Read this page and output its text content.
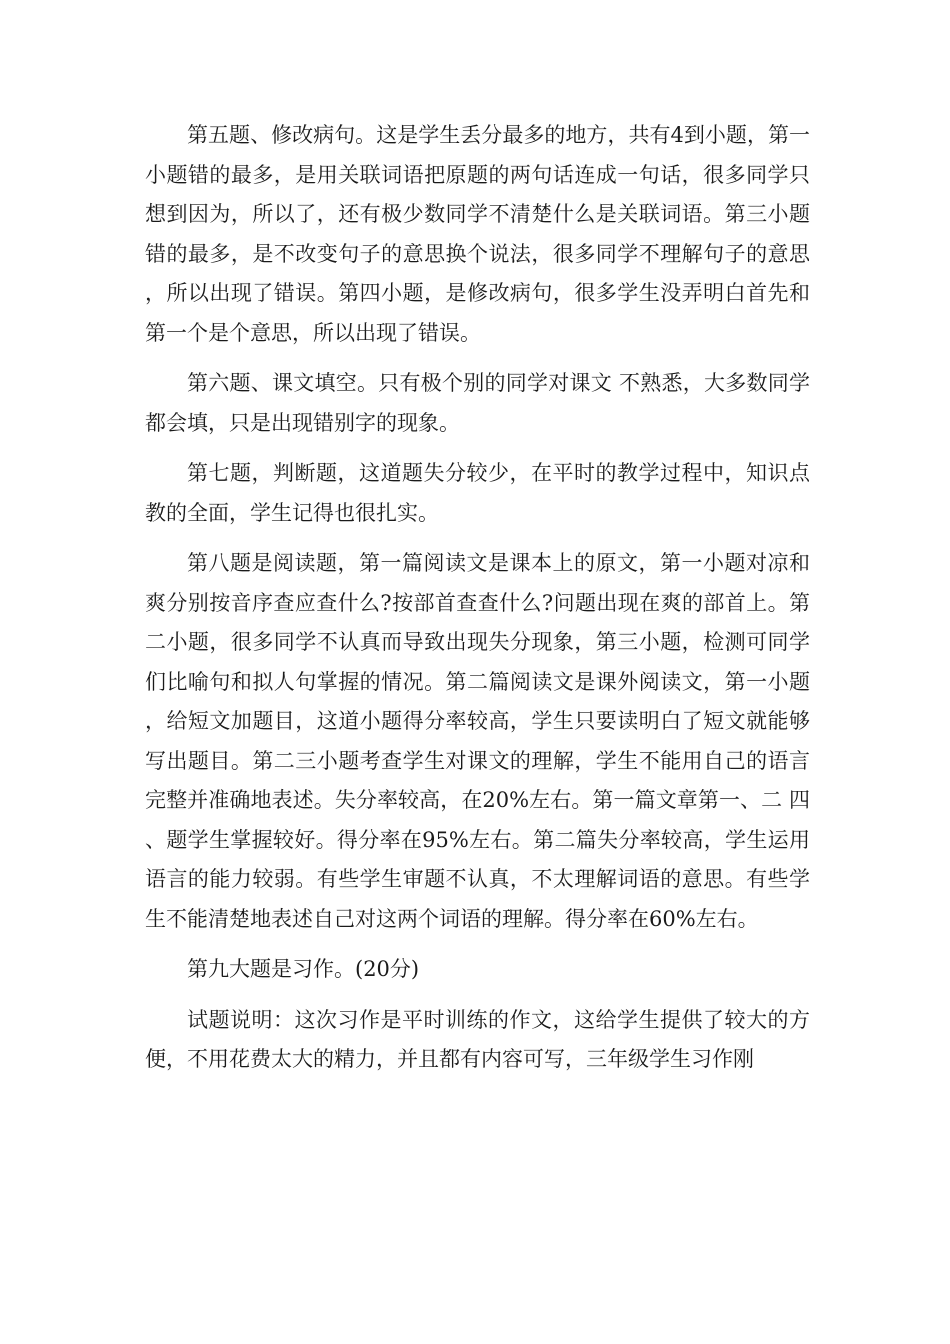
第五题、修改病句。这是学生丢分最多的地方，共有4到小题，第一小题错的最多，是用关联词语把原题的两句话连成一句话，很多同学只想到因为，所以了，还有极少数同学不清楚什么是关联词语。第三小题错的最多，是不改变句子的意思换个说法，很多同学不理解句子的意思，所以出现了错误。第四小题，是修改病句，很多学生没弄明白首先和第一个是个意思，所以出现了错误。

第六题、课文填空。只有极个别的同学对课文 不熟悉，大多数同学都会填，只是出现错别字的现象。

第七题，判断题，这道题失分较少，在平时的教学过程中，知识点教的全面，学生记得也很扎实。

第八题是阅读题，第一篇阅读文是课本上的原文，第一小题对凉和爽分别按音序查应查什么?按部首查查什么?问题出现在爽的部首上。第二小题，很多同学不认真而导致出现失分现象，第三小题，检测可同学们比喻句和拟人句掌握的情况。第二篇阅读文是课外阅读文，第一小题，给短文加题目，这道小题得分率较高，学生只要读明白了短文就能够写出题目。第二三小题考查学生对课文的理解，学生不能用自己的语言完整并准确地表述。失分率较高，在20%左右。第一篇文章第一、二 四、题学生掌握较好。得分率在95%左右。第二篇失分率较高，学生运用语言的能力较弱。有些学生审题不认真，不太理解词语的意思。有些学生不能清楚地表述自己对这两个词语的理解。得分率在60%左右。

第九大题是习作。(20分)

试题说明：这次习作是平时训练的作文，这给学生提供了较大的方便，不用花费太大的精力，并且都有内容可写，三年级学生习作刚
